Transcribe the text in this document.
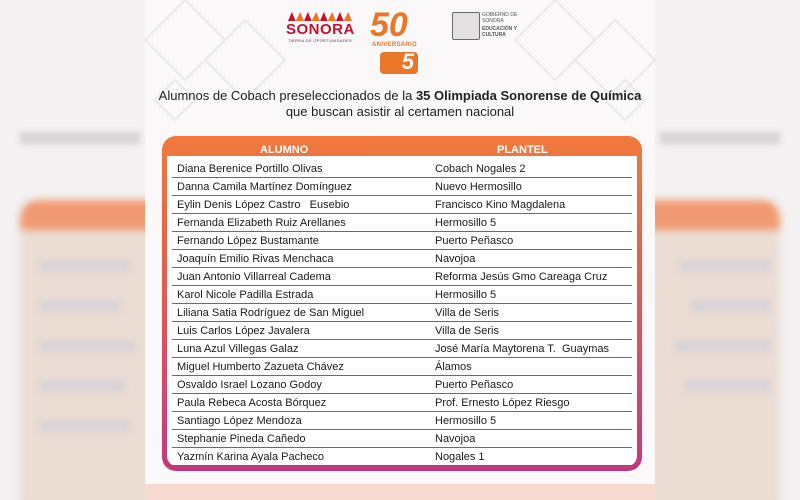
SONORA
TIERRA DE OPORTUNIDADES 50
ANIVERSARIO
5
GOBIERNO DE SONORA
EDUCACIÓN Y CULTURA
Alumnos de Cobach preseleccionados de la 35 Olimpiada Sonorense de Química
que buscan asistir al certamen nacional
ALUMNO	PLANTEL
Diana Berenice Portillo Olivas	Cobach Nogales 2
Danna Camila Martínez Domínguez	Nuevo Hermosillo
Eylin Denis López Castro   Eusebio	Francisco Kino Magdalena
Fernanda Elizabeth Ruiz Arellanes	Hermosillo 5
Fernando López Bustamante	Puerto Peñasco
Joaquín Emilio Rivas Menchaca	Navojoa
Juan Antonio Villarreal Cadema	Reforma Jesús Gmo Careaga Cruz
Karol Nicole Padilla Estrada	Hermosillo 5
Liliana Satia Rodríguez de San Miguel	Villa de Seris
Luis Carlos López Javalera	Villa de Seris
Luna Azul Villegas Galaz	José María Maytorena T.  Guaymas
Miguel Humberto Zazueta Chávez	Álamos
Osvaldo Israel Lozano Godoy	Puerto Peñasco
Paula Rebeca Acosta Bórquez	Prof. Ernesto López Riesgo
Santiago López Mendoza	Hermosillo 5
Stephanie Pineda Cañedo	Navojoa
Yazmín Karina Ayala Pacheco	Nogales 1
